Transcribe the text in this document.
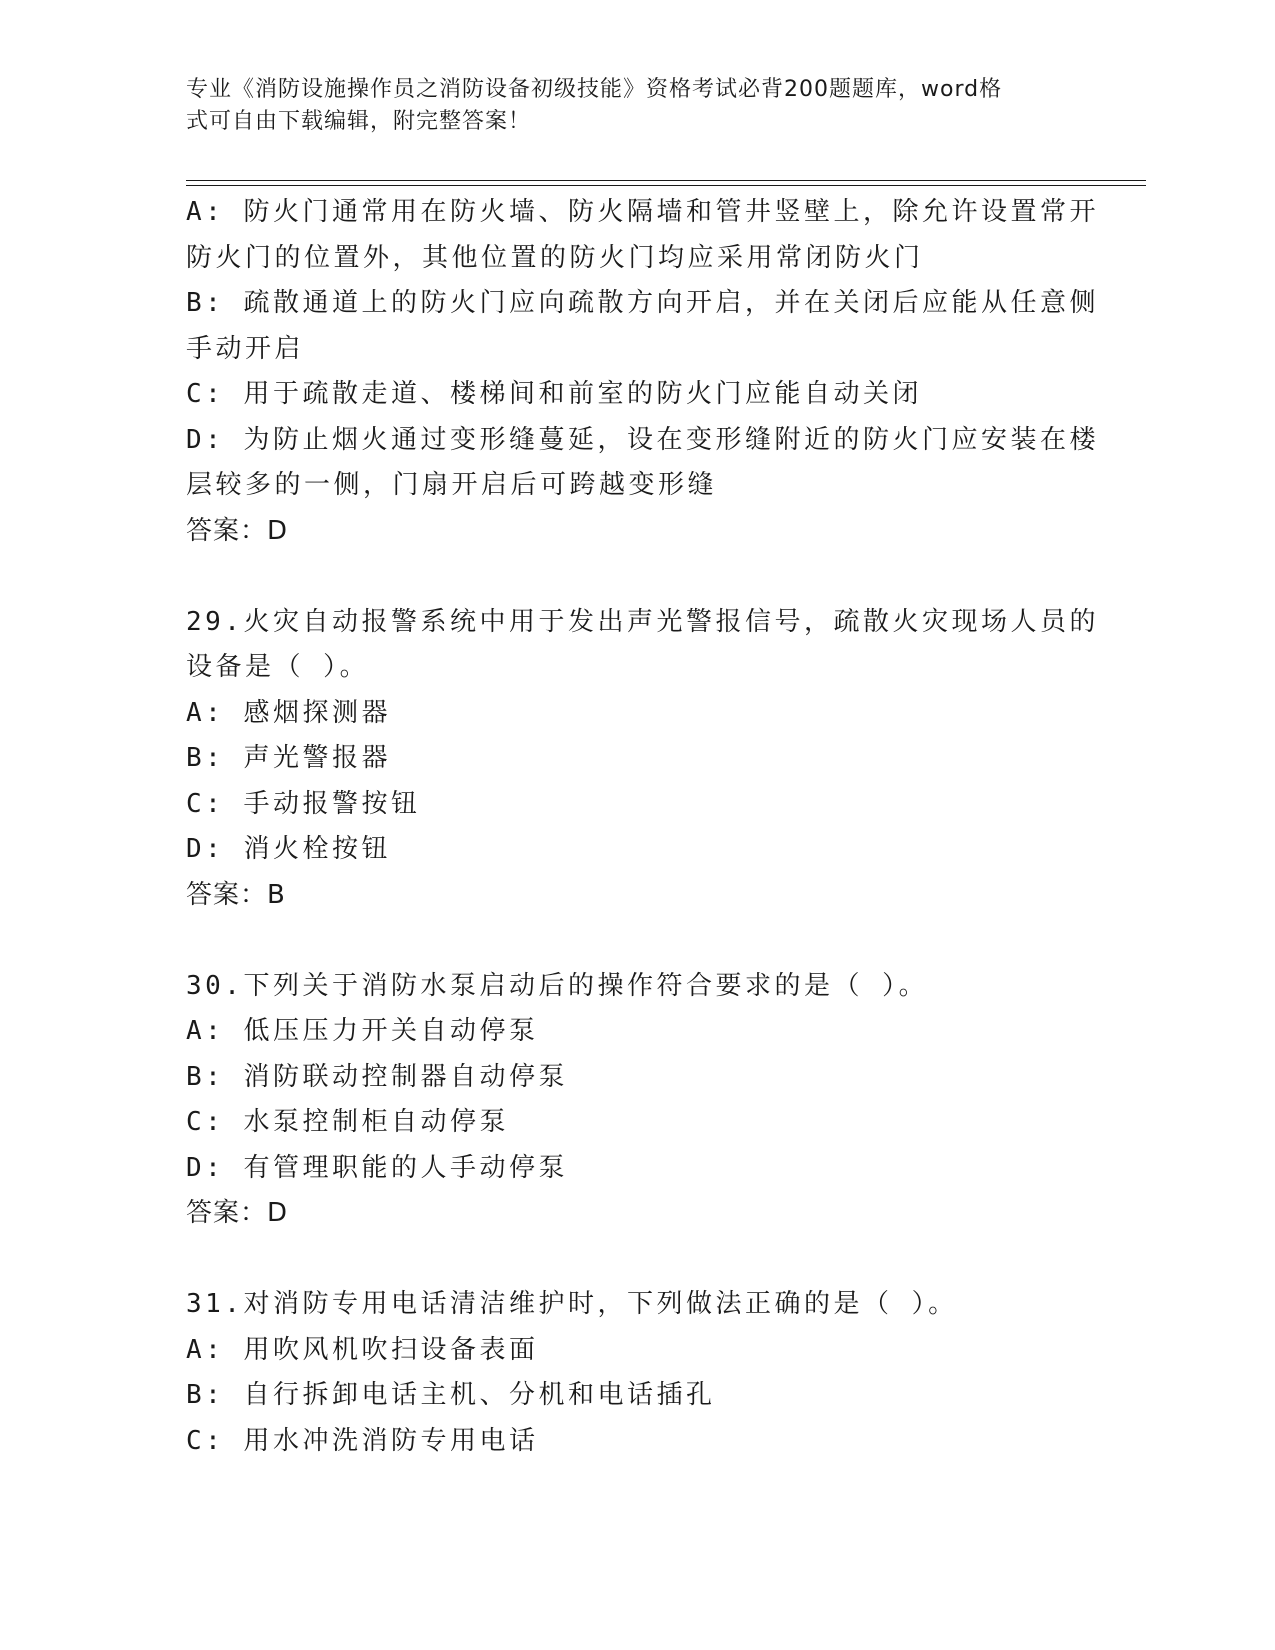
专业《消防设施操作员之消防设备初级技能》资格考试必背200题题库，word格
式可自由下载编辑，附完整答案！
A: 防火门通常用在防火墙、防火隔墙和管井竖壁上，除允许设置常开
防火门的位置外，其他位置的防火门均应采用常闭防火门
B: 疏散通道上的防火门应向疏散方向开启，并在关闭后应能从任意侧
手动开启
C: 用于疏散走道、楼梯间和前室的防火门应能自动关闭
D: 为防止烟火通过变形缝蔓延，设在变形缝附近的防火门应安装在楼
层较多的一侧，门扇开启后可跨越变形缝
答案：D
29.火灾自动报警系统中用于发出声光警报信号，疏散火灾现场人员的
设备是（ ）。
A: 感烟探测器
B: 声光警报器
C: 手动报警按钮
D: 消火栓按钮
答案：B
30.下列关于消防水泵启动后的操作符合要求的是（ ）。
A: 低压压力开关自动停泵
B: 消防联动控制器自动停泵
C: 水泵控制柜自动停泵
D: 有管理职能的人手动停泵
答案：D
31.对消防专用电话清洁维护时，下列做法正确的是（ ）。
A: 用吹风机吹扫设备表面
B: 自行拆卸电话主机、分机和电话插孔
C: 用水冲洗消防专用电话
